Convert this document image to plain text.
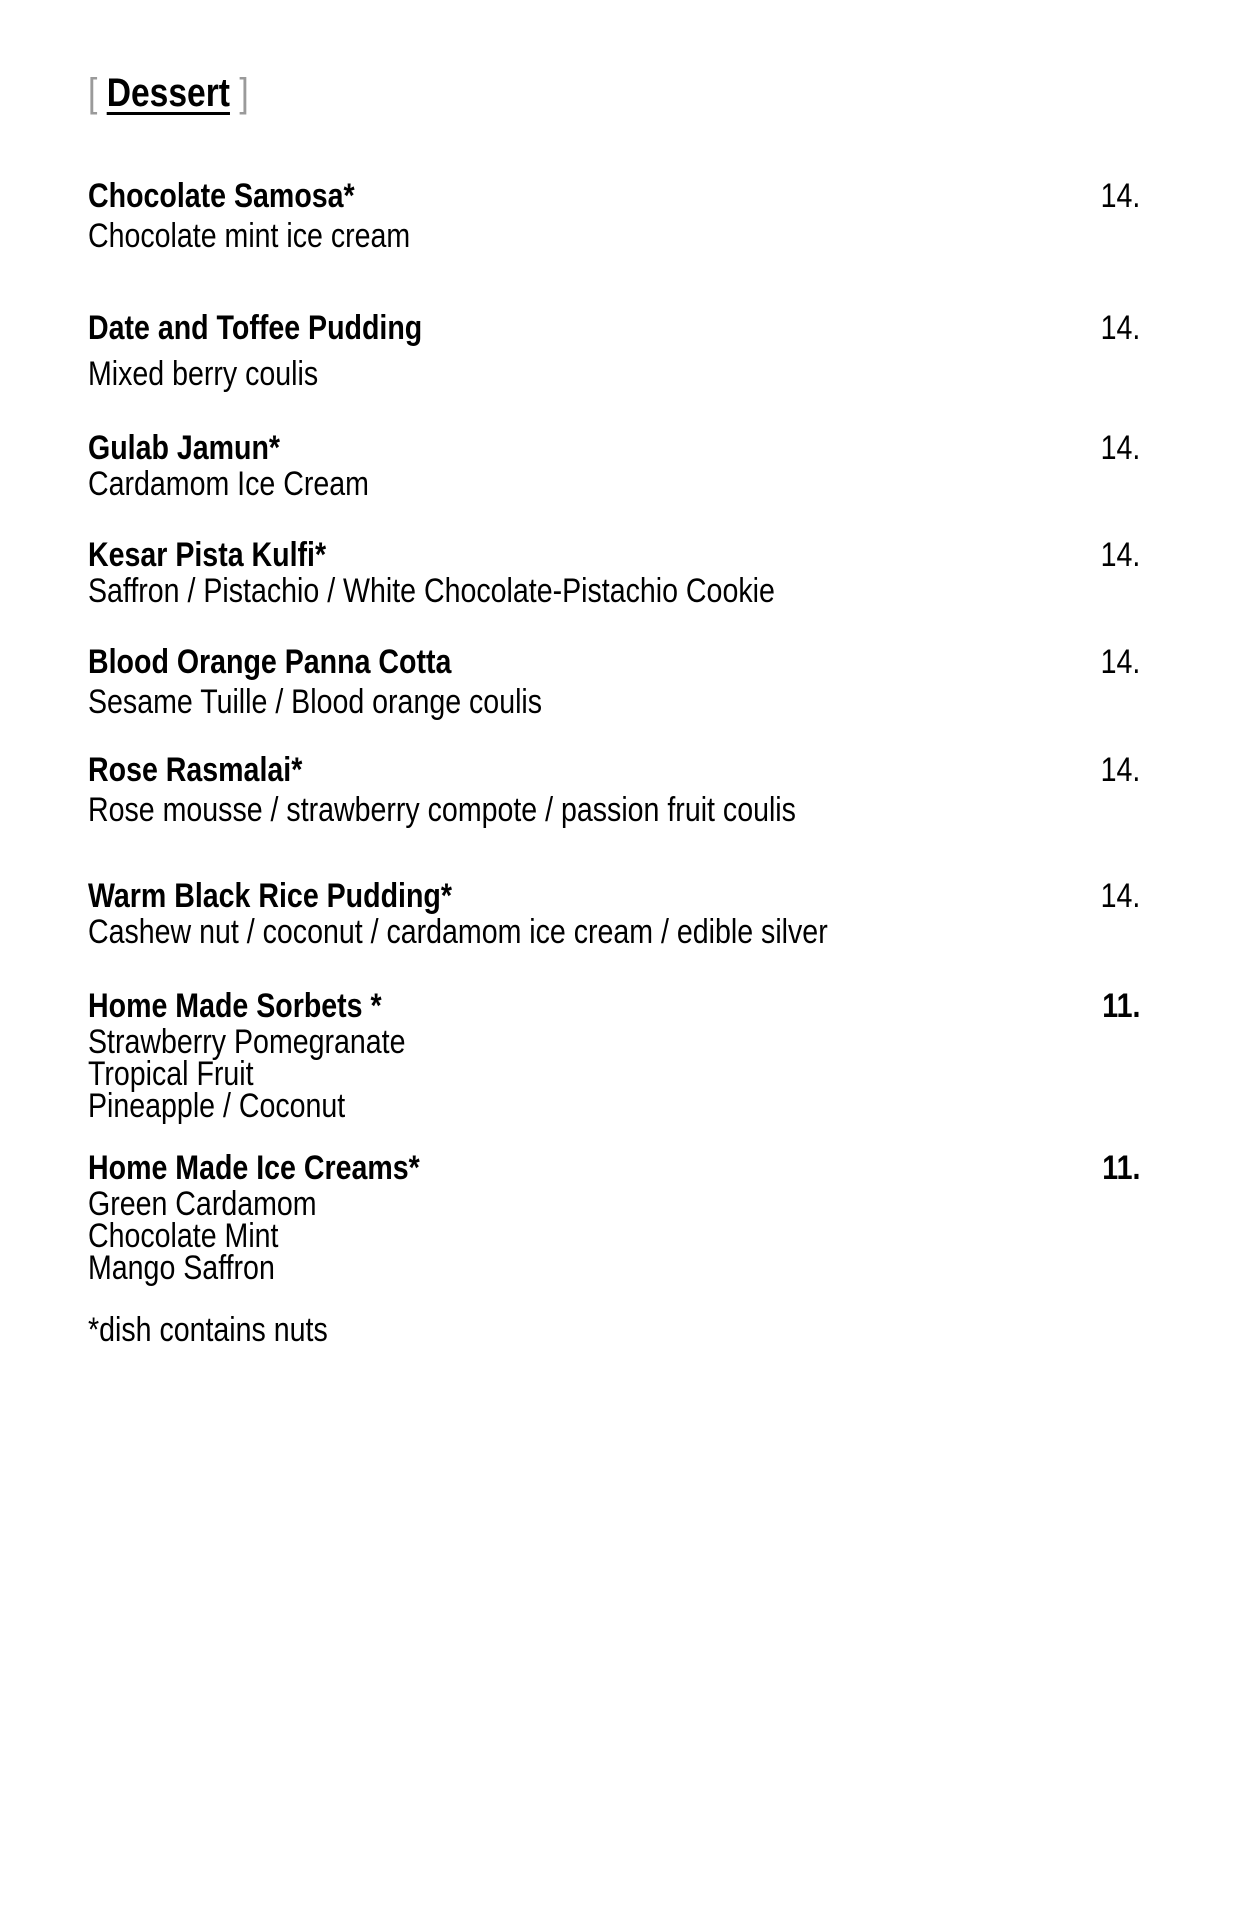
[ Dessert ]
Chocolate Samosa*	14.
Chocolate mint ice cream
Date and Toffee Pudding	14.
Mixed berry coulis
Gulab Jamun*	14.
Cardamom Ice Cream
Kesar Pista Kulfi*	14.
Saffron / Pistachio / White Chocolate-Pistachio Cookie
Blood Orange Panna Cotta	14.
Sesame Tuille / Blood orange coulis
Rose Rasmalai*	14.
Rose mousse / strawberry compote / passion fruit coulis
Warm Black Rice Pudding*	14.
Cashew nut / coconut / cardamom ice cream / edible silver
Home Made Sorbets *	11.
Strawberry Pomegranate
Tropical Fruit
Pineapple / Coconut
Home Made Ice Creams*	11.
Green Cardamom
Chocolate Mint
Mango Saffron
*dish contains nuts
